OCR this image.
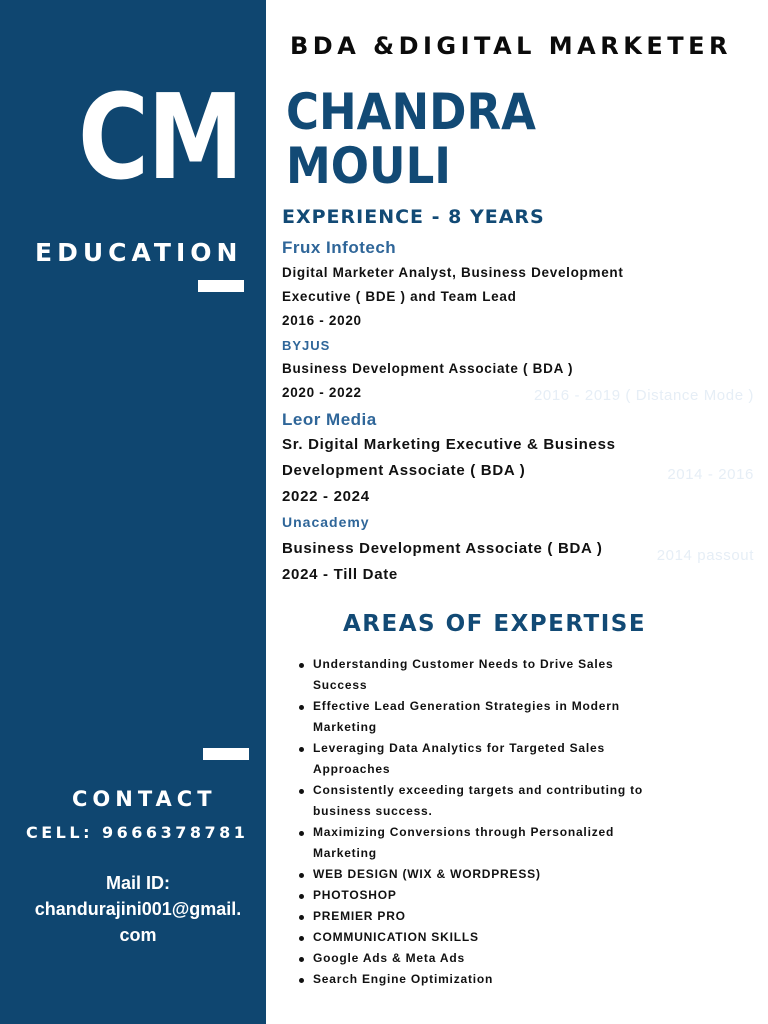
CM
EDUCATION
BCOM
North East Frontier
Technical University
2016 - 2019 ( Distance Mode )
Bvk jr college
2014 - 2016
Jindal bharathi vidya mandir
2014 passout
Hobbies
Reading Novelss
movies
Story Writings
CONTACT
CELL: 9666378781
Mail ID:
chandurajini001@gmail.
com
BDA &DIGITAL MARKETER
CHANDRA
MOULI
EXPERIENCE - 8 YEARS
Frux Infotech
Digital Marketer Analyst, Business Development
Executive ( BDE ) and Team Lead
2016 - 2020
BYJUS
Business Development Associate ( BDA )
2020 - 2022
Leor Media
Sr. Digital Marketing Executive & Business
Development Associate ( BDA )
2022 - 2024
Unacademy
Business Development Associate ( BDA )
2024 - Till Date
AREAS OF EXPERTISE
Understanding Customer Needs to Drive Sales Success
Effective Lead Generation Strategies in Modern Marketing
Leveraging Data Analytics for Targeted Sales Approaches
Consistently exceeding targets and contributing to business success.
Maximizing Conversions through Personalized Marketing
WEB DESIGN (WIX & WORDPRESS)
PHOTOSHOP
PREMIER PRO
COMMUNICATION SKILLS
Google Ads & Meta Ads
Search Engine Optimization
